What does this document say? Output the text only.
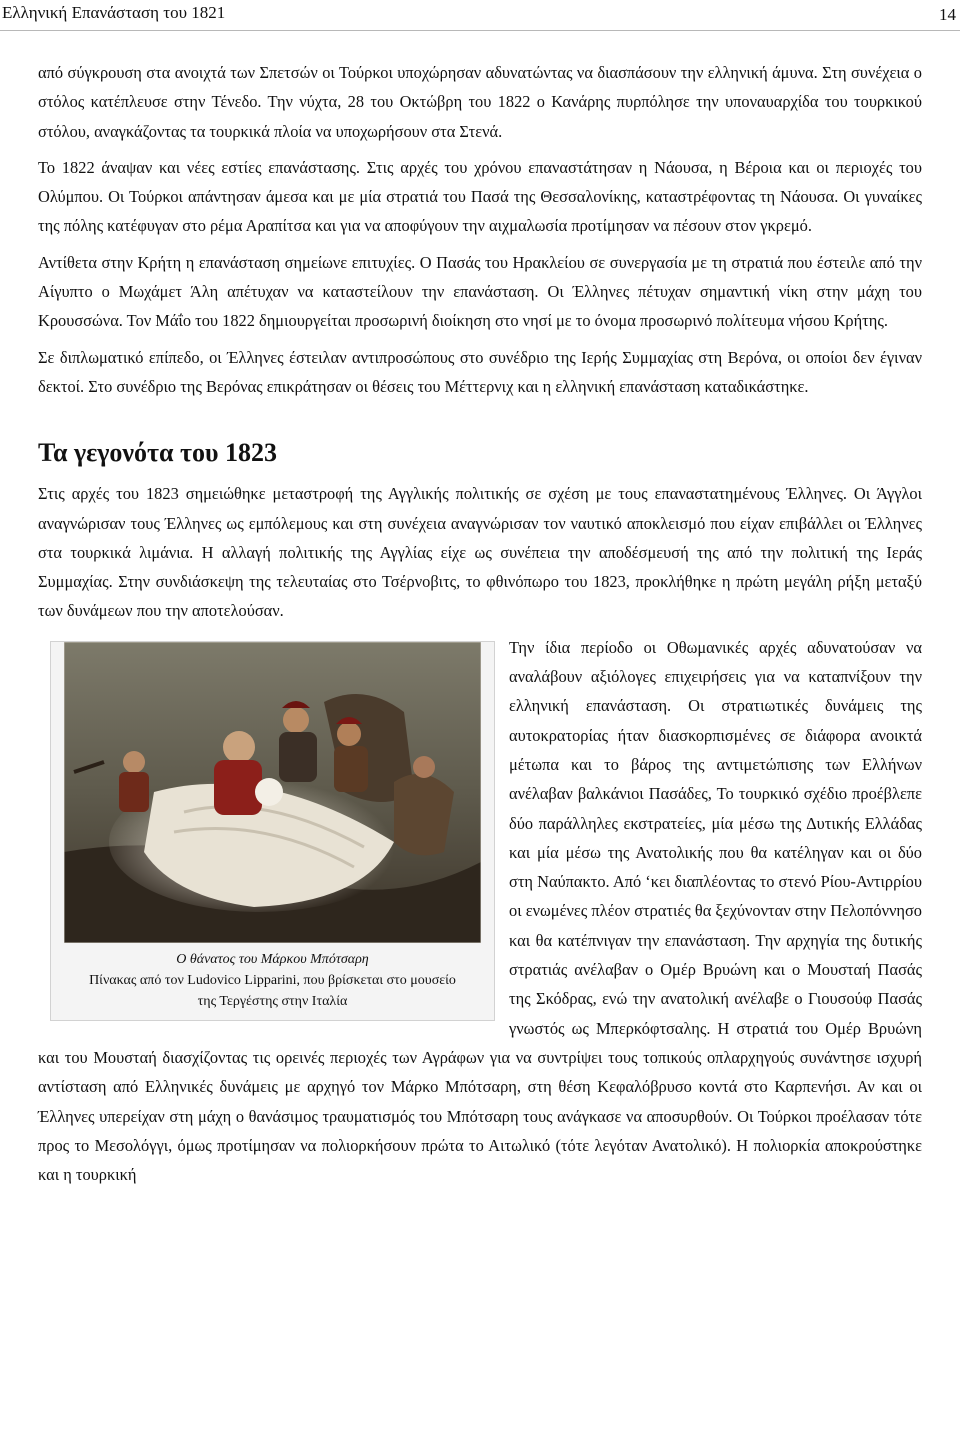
Ελληνική Επανάσταση του 1821	14

από σύγκρουση στα ανοιχτά των Σπετσών οι Τούρκοι υποχώρησαν αδυνατώντας να διασπάσουν την ελληνική άμυνα. Στη συνέχεια ο στόλος κατέπλευσε στην Τένεδο. Την νύχτα, 28 του Οκτώβρη του 1822 ο Κανάρης πυρπόλησε την υποναυαρχίδα του τουρκικού στόλου, αναγκάζοντας τα τουρκικά πλοία να υποχωρήσουν στα Στενά.

Το 1822 άναψαν και νέες εστίες επανάστασης. Στις αρχές του χρόνου επαναστάτησαν η Νάουσα, η Βέροια και οι περιοχές του Ολύμπου. Οι Τούρκοι απάντησαν άμεσα και με μία στρατιά του Πασά της Θεσσαλονίκης, καταστρέφοντας τη Νάουσα. Οι γυναίκες της πόλης κατέφυγαν στο ρέμα Αραπίτσα και για να αποφύγουν την αιχμαλωσία προτίμησαν να πέσουν στον γκρεμό.

Αντίθετα στην Κρήτη η επανάσταση σημείωνε επιτυχίες. Ο Πασάς του Ηρακλείου σε συνεργασία με τη στρατιά που έστειλε από την Αίγυπτο ο Μωχάμετ Άλη απέτυχαν να καταστείλουν την επανάσταση. Οι Έλληνες πέτυχαν σημαντική νίκη στην μάχη του Κρουσσώνα. Τον Μάΐο του 1822 δημιουργείται προσωρινή διοίκηση στο νησί με το όνομα προσωρινό πολίτευμα νήσου Κρήτης.

Σε διπλωματικό επίπεδο, οι Έλληνες έστειλαν αντιπροσώπους στο συνέδριο της Ιερής Συμμαχίας στη Βερόνα, οι οποίοι δεν έγιναν δεκτοί. Στο συνέδριο της Βερόνας επικράτησαν οι θέσεις του Μέττερνιχ και η ελληνική επανάσταση καταδικάστηκε.

Τα γεγονότα του 1823

Στις αρχές του 1823 σημειώθηκε μεταστροφή της Αγγλικής πολιτικής σε σχέση με τους επαναστατημένους Έλληνες. Οι Άγγλοι αναγνώρισαν τους Έλληνες ως εμπόλεμους και στη συνέχεια αναγνώρισαν τον ναυτικό αποκλεισμό που είχαν επιβάλλει οι Έλληνες στα τουρκικά λιμάνια. Η αλλαγή πολιτικής της Αγγλίας είχε ως συνέπεια την αποδέσμευσή της από την πολιτική της Ιεράς Συμμαχίας. Στην συνδιάσκεψη της τελευταίας στο Τσέρνοβιτς, το φθινόπωρο του 1823, προκλήθηκε η πρώτη μεγάλη ρήξη μεταξύ των δυνάμεων που την αποτελούσαν.

Ο θάνατος του Μάρκου Μπότσαρη
Πίνακας από τον Ludovico Lipparini, που βρίσκεται στο μουσείο
της Τεργέστης στην Ιταλία

Την ίδια περίοδο οι Οθωμανικές αρχές αδυνατούσαν να αναλάβουν αξιόλογες επιχειρήσεις για να καταπνίξουν την ελληνική επανάσταση. Οι στρατιωτικές δυνάμεις της αυτοκρατορίας ήταν διασκορπισμένες σε διάφορα ανοικτά μέτωπα και το βάρος της αντιμετώπισης των Ελλήνων ανέλαβαν βαλκάνιοι Πασάδες, Το τουρκικό σχέδιο προέβλεπε δύο παράλληλες εκστρατείες, μία μέσω της Δυτικής Ελλάδας και μία μέσω της Ανατολικής που θα κατέληγαν και οι δύο στη Ναύπακτο. Από ‘κει διαπλέοντας το στενό Ρίου-Αντιρρίου οι ενωμένες πλέον στρατιές θα ξεχύνονταν στην Πελοπόννησο και θα κατέπνιγαν την επανάσταση. Την αρχηγία της δυτικής στρατιάς ανέλαβαν ο Ομέρ Βρυώνη και ο Μουσταή Πασάς της Σκόδρας, ενώ την ανατολική ανέλαβε ο Γιουσούφ Πασάς γνωστός ως Μπερκόφτσαλης. Η στρατιά του Ομέρ Βρυώνη και του Μουσταή διασχίζοντας τις ορεινές περιοχές των Αγράφων για να συντρίψει τους τοπικούς οπλαρχηγούς συνάντησε ισχυρή αντίσταση από Ελληνικές δυνάμεις με αρχηγό τον Μάρκο Μπότσαρη, στη θέση Κεφαλόβρυσο κοντά στο Καρπενήσι. Αν και οι Έλληνες υπερείχαν στη μάχη ο θανάσιμος τραυματισμός του Μπότσαρη τους ανάγκασε να αποσυρθούν. Οι Τούρκοι προέλασαν τότε προς το Μεσολόγγι, όμως προτίμησαν να πολιορκήσουν πρώτα το Αιτωλικό (τότε λεγόταν Ανατολικό). Η πολιορκία αποκρούστηκε και η τουρκική
